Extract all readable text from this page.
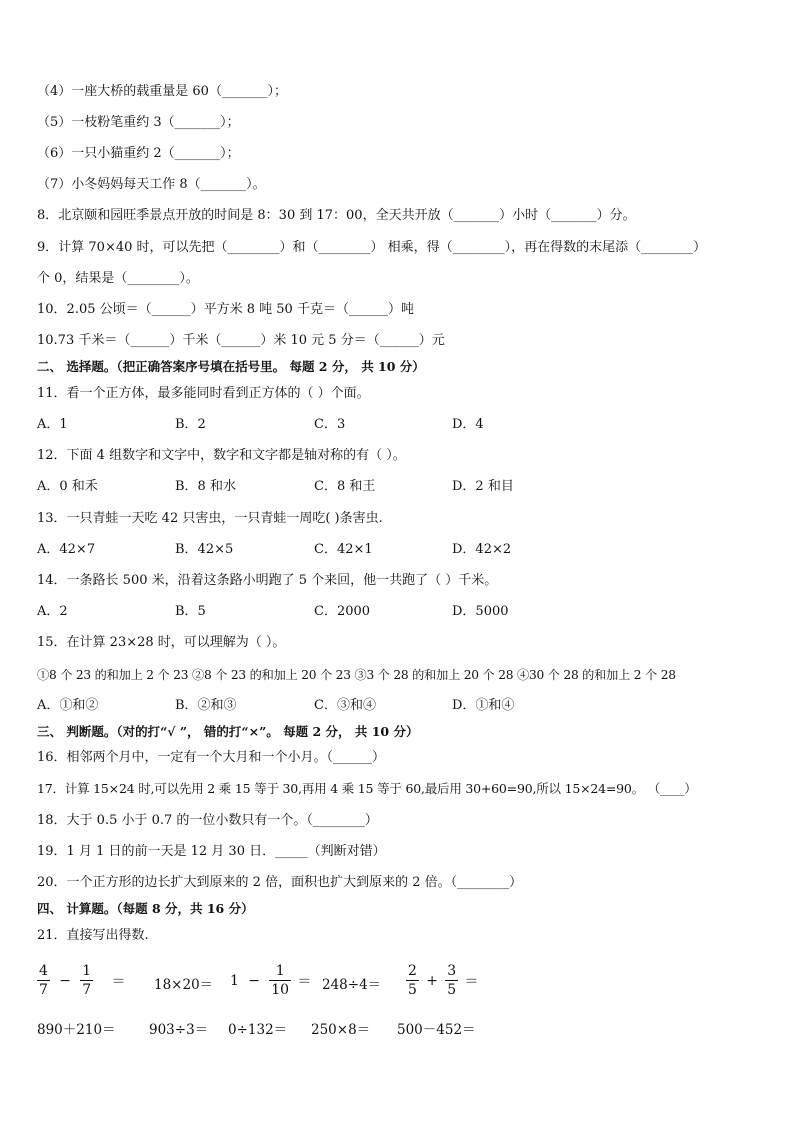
（4）一座大桥的载重量是 60（_______）；
（5）一枝粉笔重约 3（_______）；
（6）一只小猫重约 2（_______）；
（7）小冬妈妈每天工作 8（_______）。
8．北京颐和园旺季景点开放的时间是 8：30 到 17：00，全天共开放（_______）小时（_______）分。
9．计算 70×40 时，可以先把（________）和（________） 相乘，得（________），再在得数的末尾添（________）
个 0，结果是（________）。
10．2.05 公顷＝（______）平方米 8 吨 50 千克＝（______）吨
10.73 千米＝（______）千米（______）米 10 元 5 分＝（______）元
二、 选择题。（把正确答案序号填在括号里。 每题 2 分， 共 10 分）
11．看一个正方体，最多能同时看到正方体的（ ）个面。
A．1	B．2	C．3	D．4
12．下面 4 组数字和文字中，数字和文字都是轴对称的有（ ）。
A．0 和禾	B．8 和水	C．8 和王	D．2 和目
13．一只青蛙一天吃 42 只害虫，一只青蛙一周吃( )条害虫.
A．42×7	B．42×5	C．42×1	D．42×2
14．一条路长 500 米，沿着这条路小明跑了 5 个来回，他一共跑了（ ）千米。
A．2	B．5	C．2000	D．5000
15．在计算 23×28 时，可以理解为（ ）。
①8 个 23 的和加上 2 个 23 ②8 个 23 的和加上 20 个 23 ③3 个 28 的和加上 20 个 28 ④30 个 28 的和加上 2 个 28
A．①和②	B．②和③	C．③和④	D．①和④
三、 判断题。（对的打“√ ”， 错的打“×”。 每题 2 分， 共 10 分）
16．相邻两个月中，一定有一个大月和一个小月。（______）
17．计算 15×24 时,可以先用 2 乘 15 等于 30,再用 4 乘 15 等于 60,最后用 30+60=90,所以 15×24=90。 （____）
18．大于 0.5 小于 0.7 的一位小数只有一个。（________）
19．1 月 1 日的前一天是 12 月 30 日．_____（判断对错）
20．一个正方形的边长扩大到原来的 2 倍，面积也扩大到原来的 2 倍。（________）
四、 计算题。（每题 8 分，共 16 分）
21．直接写出得数.
$\frac{4}{7} - \frac{1}{7}$ ＝	$18\times 20= 1 - \frac{1}{10} = 248\div 4= \frac{2}{5} + \frac{3}{5}$ ＝
890＋210＝ 903÷3＝ 0÷132＝ 250×8＝ 500－452＝
